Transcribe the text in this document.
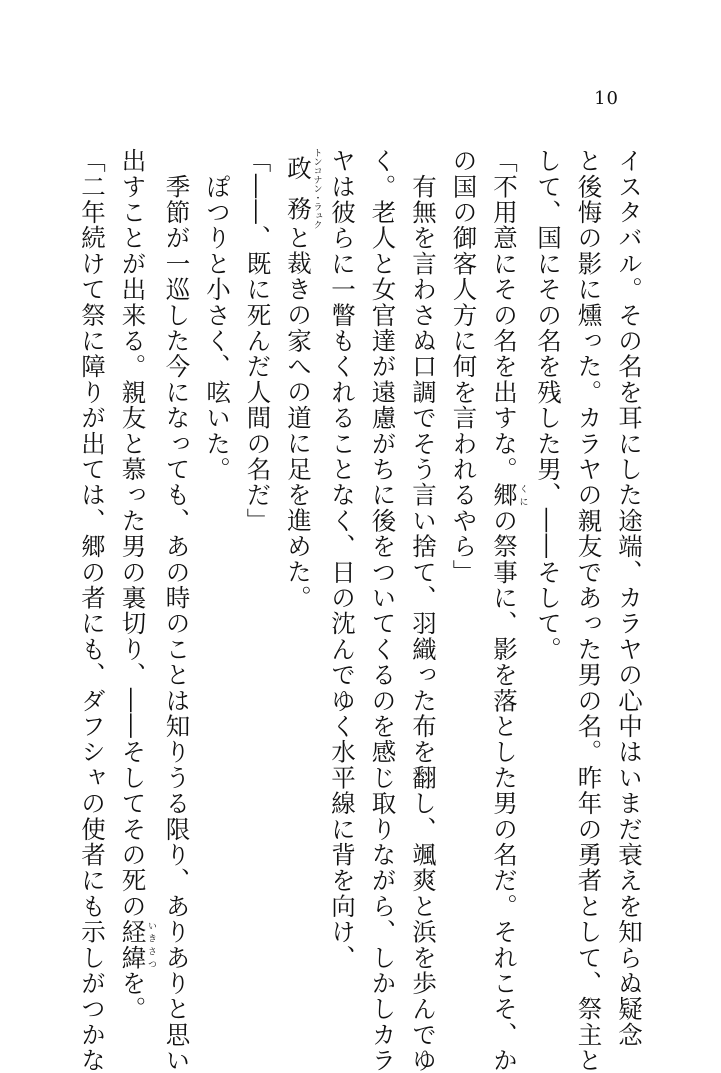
10
イスタバル。その名を耳にした途端、カラヤの心中はいまだ衰えを知らぬ疑念
と後悔の影に燻った。カラヤの親友であった男の名。昨年の勇者として、祭主と
して、国にその名を残した男、――そして。
「不用意にその名を出すな。郷くにの祭事に、影を落とした男の名だ。それこそ、か
の国の御客人方に何を言われるやら」
　有無を言わさぬ口調でそう言い捨て、羽織った布を翻し、颯爽と浜を歩んでゆ
く。老人と女官達が遠慮がちに後をついてくるのを感じ取りながら、しかしカラ
ヤは彼らに一瞥もくれることなく、日の沈んでゆく水平線に背を向け、
政務トンコナン・ラュクと裁きの家への道に足を進めた。
「――、既に死んだ人間の名だ」
　ぽつりと小さく、呟いた。
　季節が一巡した今になっても、あの時のことは知りうる限り、ありありと思い
出すことが出来る。親友と慕った男の裏切り、――そしてその死の経緯いきさつを。
「二年続けて祭に障りが出ては、郷の者にも、ダフシャの使者にも示しがつかな
